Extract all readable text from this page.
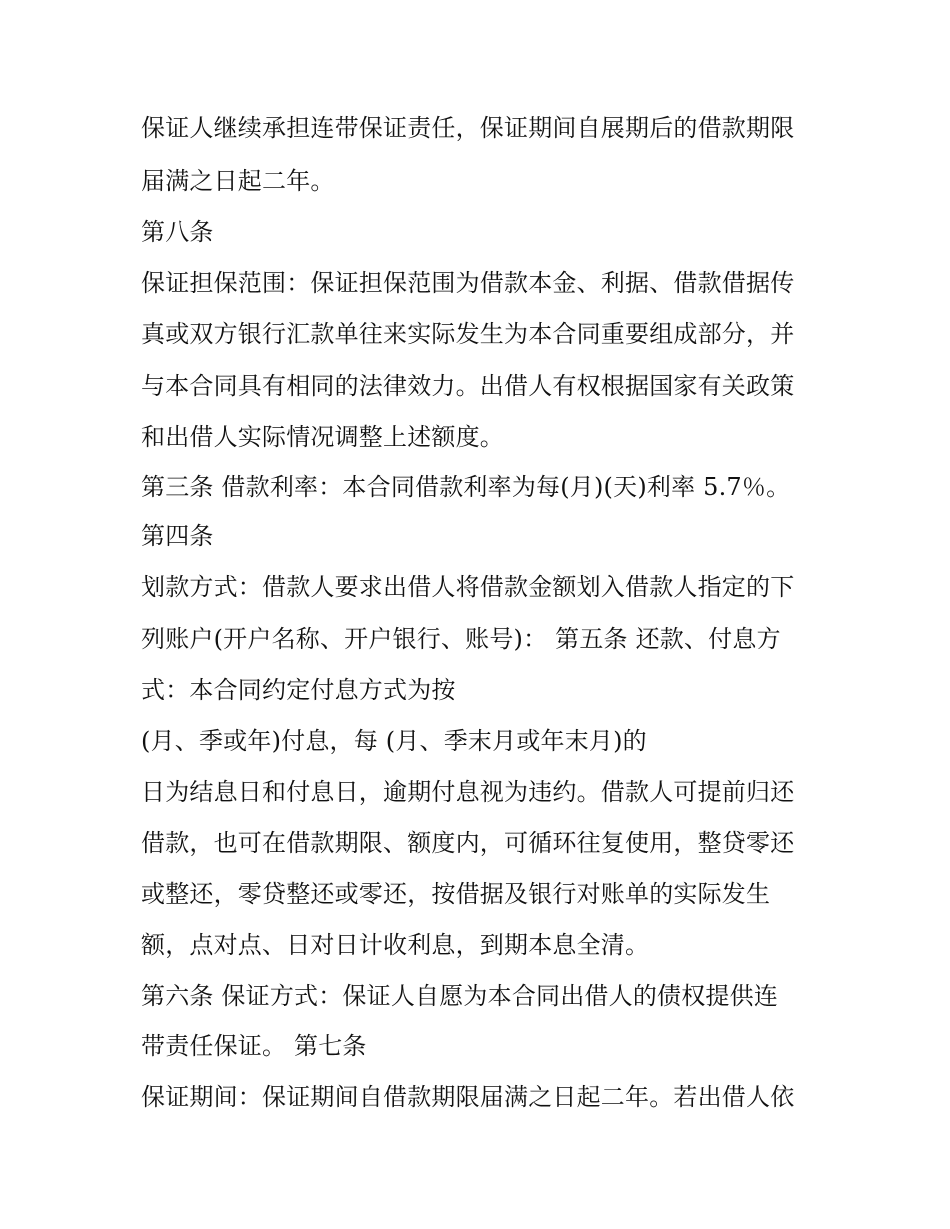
保证人继续承担连带保证责任，保证期间自展期后的借款期限
届满之日起二年。
第八条
保证担保范围：保证担保范围为借款本金、利据、借款借据传
真或双方银行汇款单往来实际发生为本合同重要组成部分，并
与本合同具有相同的法律效力。出借人有权根据国家有关政策
和出借人实际情况调整上述额度。
第三条 借款利率：本合同借款利率为每(月)(天)利率 5.7％。
第四条
划款方式：借款人要求出借人将借款金额划入借款人指定的下
列账户(开户名称、开户银行、账号)： 第五条 还款、付息方
式：本合同约定付息方式为按
(月、季或年)付息，每 (月、季末月或年末月)的
日为结息日和付息日，逾期付息视为违约。借款人可提前归还
借款，也可在借款期限、额度内，可循环往复使用，整贷零还
或整还，零贷整还或零还，按借据及银行对账单的实际发生
额，点对点、日对日计收利息，到期本息全清。
第六条 保证方式：保证人自愿为本合同出借人的债权提供连
带责任保证。 第七条
保证期间：保证期间自借款期限届满之日起二年。若出借人依
